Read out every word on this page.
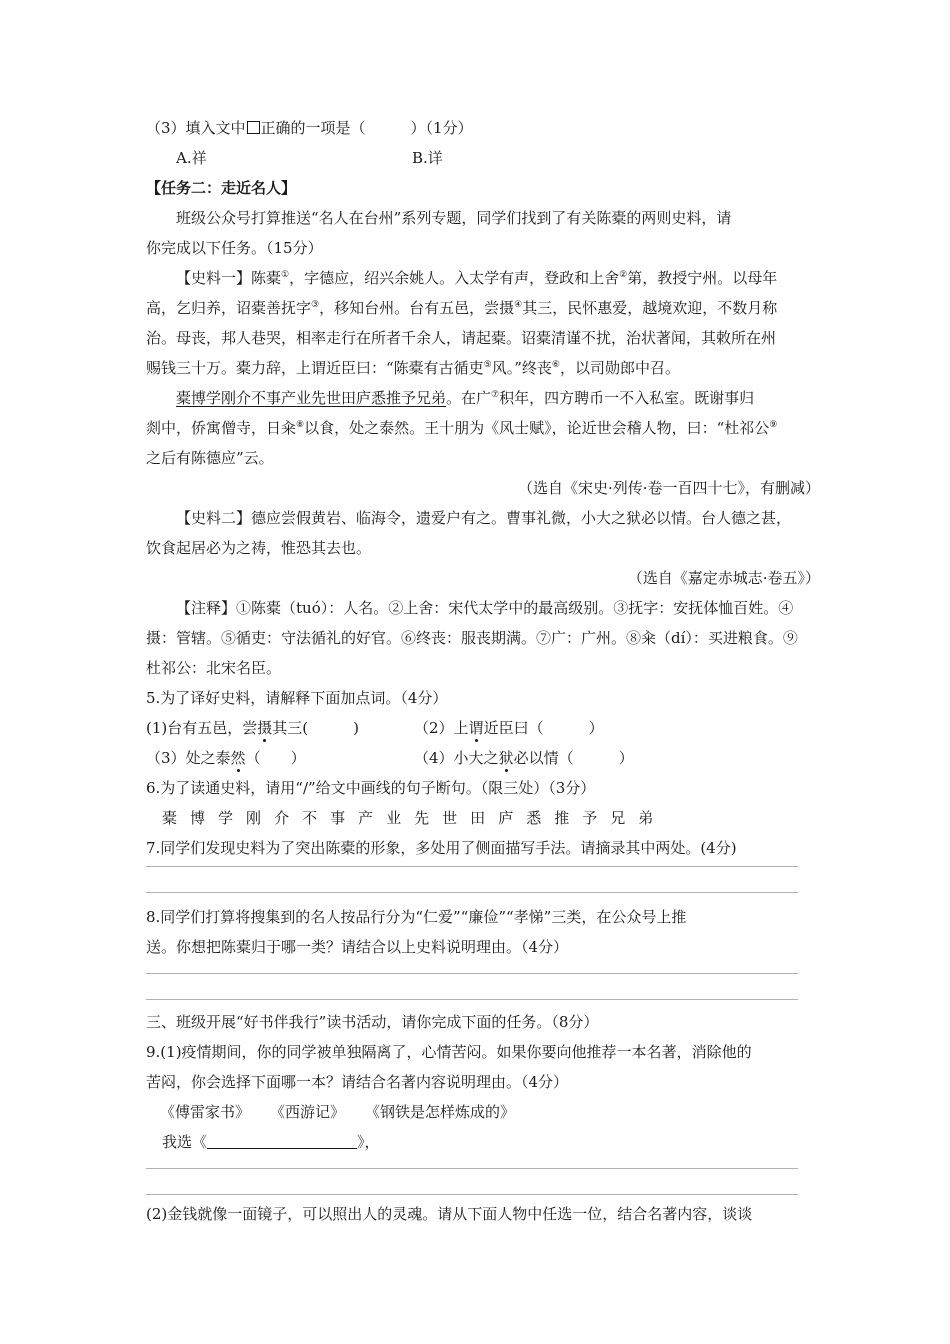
（3）填入文中 正确的一项是（　　　）（1分）
A.祥	B.详
【任务二：走近名人】
班级公众号打算推送“名人在台州”系列专题，同学们找到了有关陈橐的两则史料，请
你完成以下任务。（15分）
【史料一】陈橐①，字德应，绍兴余姚人。入太学有声，登政和上舍②第，教授宁州。以母年
高，乞归养，诏橐善抚字③，移知台州。台有五邑，尝摄④其三，民怀惠爱，越境欢迎，不数月称
治。母丧，邦人巷哭，相率走行在所者千余人，请起橐。诏橐清谨不扰，治状著闻，其敕所在州
赐钱三十万。橐力辞，上谓近臣曰：“陈橐有古循吏⑤风。”终丧⑥，以司勋郎中召。
橐博学刚介不事产业先世田庐悉推予兄弟。在广⑦积年，四方聘币一不入私室。既谢事归
剡中，侨寓僧寺，日籴⑧以食，处之泰然。王十朋为《风士赋》，论近世会稽人物，曰：“杜祁公⑨
之后有陈德应”云。
（选自《宋史·列传·卷一百四十七》，有删减）
【史料二】德应尝假黄岩、临海令，遗爱户有之。曹事礼微，小大之狱必以情。台人德之甚，
饮食起居必为之祷，惟恐其去也。
（选自《嘉定赤城志·卷五》）
【注释】①陈橐（tuó）：人名。②上舍：宋代太学中的最高级别。③抚字：安抚体恤百姓。④
摄：管辖。⑤循吏：守法循礼的好官。⑥终丧：服丧期满。⑦广：广州。⑧籴（dí）：买进粮食。⑨
杜祁公：北宋名臣。
5.为了译好史料，请解释下面加点词。（4分）
(1)台有五邑，尝摄其三(　　　)	（2）上谓近臣曰（　　　）
（3）处之泰然（　　）	（4）小大之狱必以情（　　　）
6.为了读通史料，请用“/”给文中画线的句子断句。（限三处）（3分）
橐 博 学 刚 介 不 事 产 业 先 世 田 庐 悉 推 予 兄 弟
7.同学们发现史料为了突出陈橐的形象，多处用了侧面描写手法。请摘录其中两处。(4分)
8.同学们打算将搜集到的名人按品行分为“仁爱”“廉俭”“孝悌”三类，在公众号上推
送。你想把陈橐归于哪一类？请结合以上史料说明理由。（4分）
三、班级开展“好书伴我行”读书活动，请你完成下面的任务。（8分）
9.(1)疫情期间，你的同学被单独隔离了，心情苦闷。如果你要向他推荐一本名著，消除他的
苦闷，你会选择下面哪一本？请结合名著内容说明理由。（4分）
《傅雷家书》 《西游记》 《钢铁是怎样炼成的》
我选《	》，
(2)金钱就像一面镜子，可以照出人的灵魂。请从下面人物中任选一位，结合名著内容，谈谈
